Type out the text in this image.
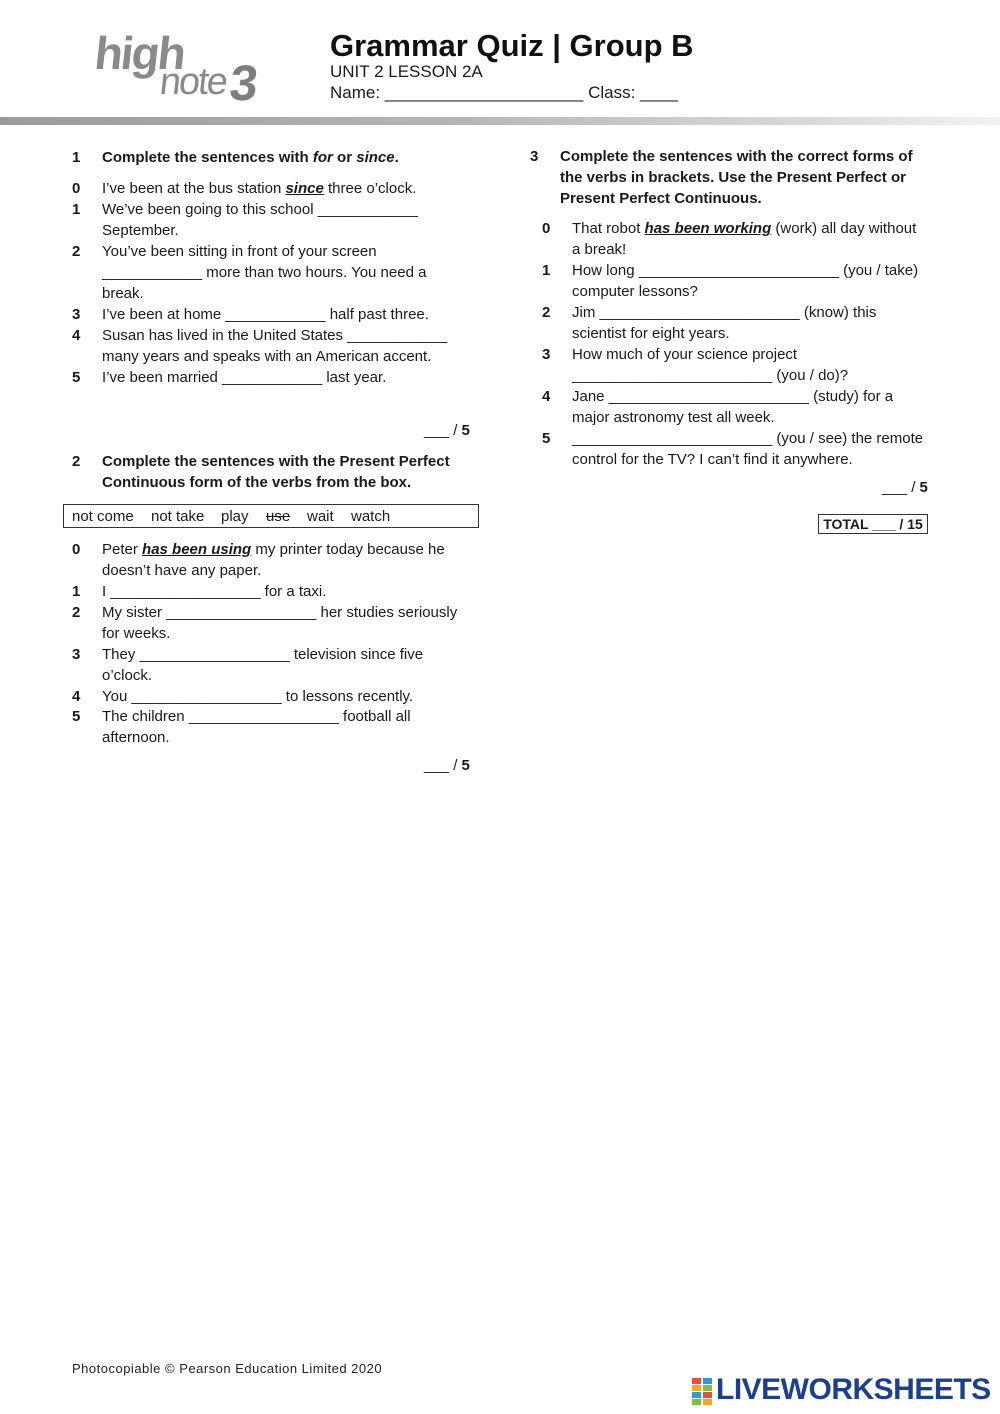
high
note
3
Grammar Quiz | Group B
UNIT 2 LESSON 2A
Name: _____________________ Class: ____
1 Complete the sentences with for or since.
0 I’ve been at the bus station since three o’clock.
1 We’ve been going to this school ____________
September.
2 You’ve been sitting in front of your screen
____________ more than two hours. You need a
break.
3 I’ve been at home ____________ half past three.
4 Susan has lived in the United States ____________
many years and speaks with an American accent.
5 I’ve been married ____________ last year.
___ / 5
2 Complete the sentences with the Present Perfect
Continuous form of the verbs from the box.
not come not take play use wait watch
0 Peter has been using my printer today because he
doesn’t have any paper.
1 I __________________ for a taxi.
2 My sister __________________ her studies seriously
for weeks.
3 They __________________ television since five
o’clock.
4 You __________________ to lessons recently.
5 The children __________________ football all
afternoon.
___ / 5
3 Complete the sentences with the correct forms of
the verbs in brackets. Use the Present Perfect or
Present Perfect Continuous.
0 That robot has been working (work) all day without
a break!
1 How long ________________________ (you / take)
computer lessons?
2 Jim ________________________ (know) this
scientist for eight years.
3 How much of your science project
________________________ (you / do)?
4 Jane ________________________ (study) for a
major astronomy test all week.
5 ________________________ (you / see) the remote
control for the TV? I can’t find it anywhere.
___ / 5
TOTAL ___ / 15
Photocopiable © Pearson Education Limited 2020
LIVEWORKSHEETS
